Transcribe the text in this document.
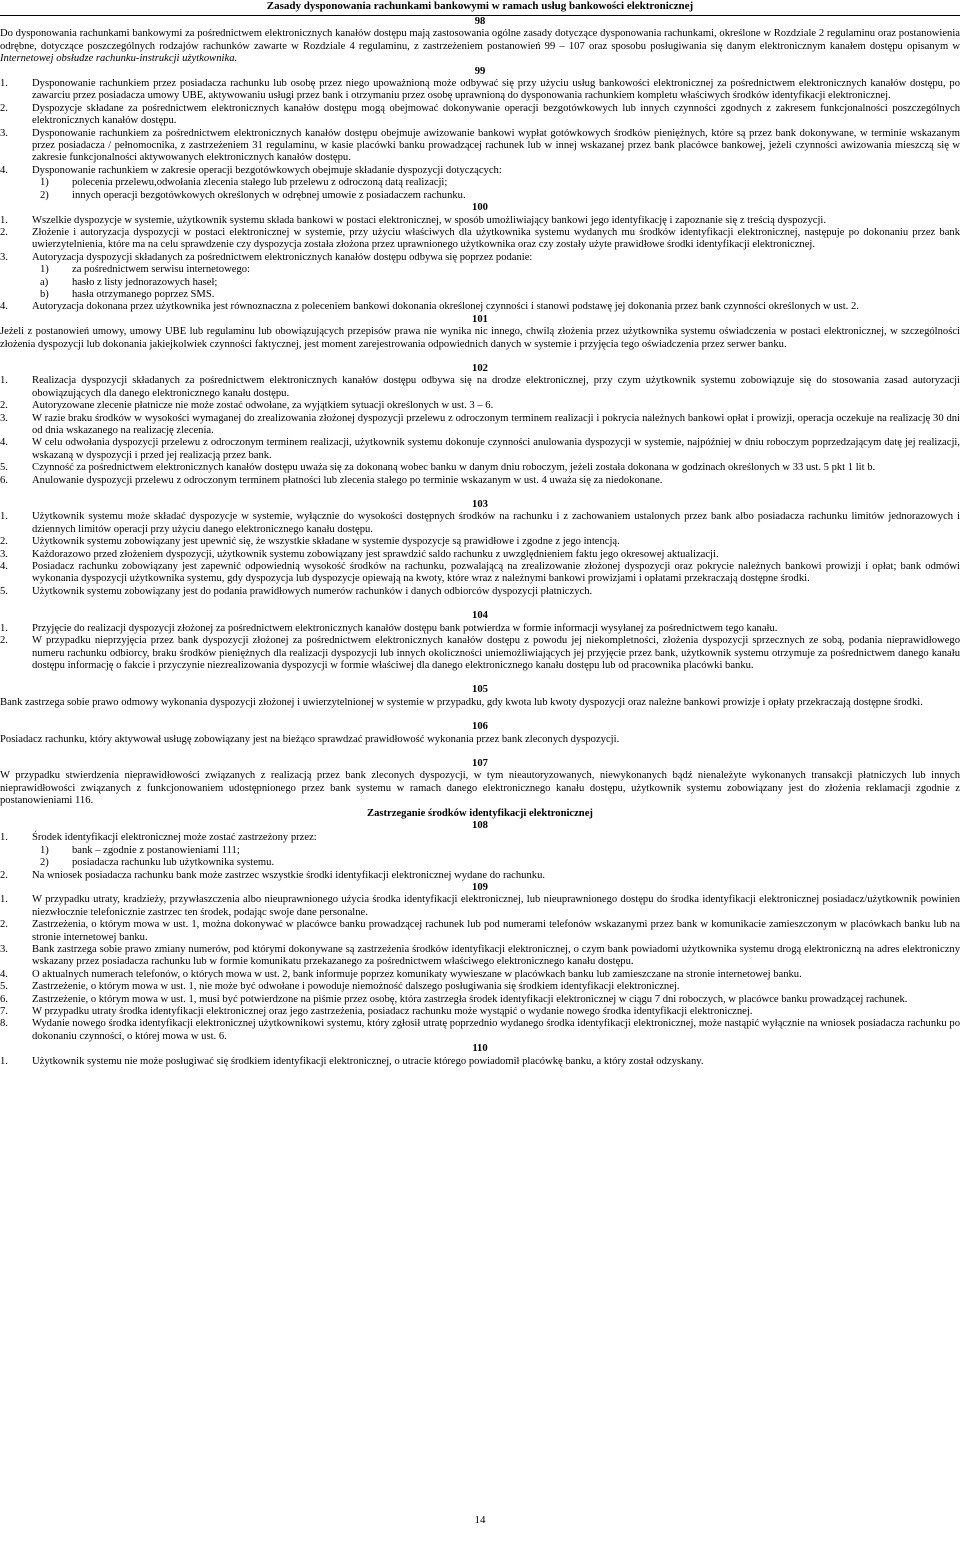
Zasady dysponowania rachunkami bankowymi w ramach usług bankowości elektronicznej
98

Do dysponowania rachunkami bankowymi za pośrednictwem elektronicznych kanałów dostępu mają zastosowania ogólne zasady dotyczące dysponowania rachunkami, określone w Rozdziale 2 regulaminu oraz postanowienia odrębne, dotyczące poszczególnych rodzajów rachunków zawarte w Rozdziale 4 regulaminu, z zastrzeżeniem postanowień 99 – 107 oraz sposobu posługiwania się danym elektronicznym kanałem dostępu opisanym w Internetowej obsłudze rachunku-instrukcji użytkownika.

99
1.	Dysponowanie rachunkiem przez posiadacza rachunku lub osobę przez niego upoważnioną może odbywać się przy użyciu usług bankowości elektronicznej za pośrednictwem elektronicznych kanałów dostępu, po zawarciu przez posiadacza umowy UBE, aktywowaniu usługi przez bank i otrzymaniu przez osobę uprawnioną do dysponowania rachunkiem kompletu właściwych środków identyfikacji elektronicznej.
2.	Dyspozycje składane za pośrednictwem elektronicznych kanałów dostępu mogą obejmować dokonywanie operacji bezgotówkowych lub innych czynności zgodnych z zakresem funkcjonalności poszczególnych elektronicznych kanałów dostępu.
3.	Dysponowanie rachunkiem za pośrednictwem elektronicznych kanałów dostępu obejmuje awizowanie bankowi wypłat gotówkowych środków pieniężnych, które są przez bank dokonywane, w terminie wskazanym przez posiadacza / pełnomocnika, z zastrzeżeniem 31 regulaminu, w kasie placówki banku prowadzącej rachunek lub w innej wskazanej przez bank placówce bankowej, jeżeli czynności awizowania mieszczą się w zakresie funkcjonalności aktywowanych elektronicznych kanałów dostępu.
4.	Dysponowanie rachunkiem w zakresie operacji bezgotówkowych obejmuje składanie dyspozycji dotyczących:
1)	polecenia przelewu,odwołania zlecenia stałego lub przelewu z odroczoną datą realizacji;
2)	innych operacji bezgotówkowych określonych w odrębnej umowie z posiadaczem rachunku.
100
1.	Wszelkie dyspozycje w systemie, użytkownik systemu składa bankowi w postaci elektronicznej, w sposób umożliwiający bankowi jego identyfikację i zapoznanie się z treścią dyspozycji.
2.	Złożenie i autoryzacja dyspozycji w postaci elektronicznej w systemie, przy użyciu właściwych dla użytkownika systemu wydanych mu środków identyfikacji elektronicznej, następuje po dokonaniu przez bank uwierzytelnienia, które ma na celu sprawdzenie czy dyspozycja została złożona przez uprawnionego użytkownika oraz czy zostały użyte prawidłowe środki identyfikacji elektronicznej.
3.	Autoryzacja dyspozycji składanych za pośrednictwem elektronicznych kanałów dostępu odbywa się poprzez podanie:
1)	za pośrednictwem serwisu internetowego:
a)	hasło z listy jednorazowych haseł;
b)	hasła otrzymanego poprzez SMS.
4.	Autoryzacja dokonana przez użytkownika jest równoznaczna z poleceniem bankowi dokonania określonej czynności i stanowi podstawę jej dokonania przez bank czynności określonych w ust. 2.
101

Jeżeli z postanowień umowy, umowy UBE lub regulaminu lub obowiązujących przepisów prawa nie wynika nic innego, chwilą złożenia przez użytkownika systemu oświadczenia w postaci elektronicznej, w szczególności złożenia dyspozycji lub dokonania jakiejkolwiek czynności faktycznej, jest moment zarejestrowania odpowiednich danych w systemie i przyjęcia tego oświadczenia przez serwer banku.

102
1.	Realizacja dyspozycji składanych za pośrednictwem elektronicznych kanałów dostępu odbywa się na drodze elektronicznej, przy czym użytkownik systemu zobowiązuje się do stosowania zasad autoryzacji obowiązujących dla danego elektronicznego kanału dostępu.
2.	Autoryzowane zlecenie płatnicze nie może zostać odwołane, za wyjątkiem sytuacji określonych w ust. 3 – 6.
3.	W razie braku środków w wysokości wymaganej do zrealizowania złożonej dyspozycji przelewu z odroczonym terminem realizacji i pokrycia należnych bankowi opłat i prowizji, operacja oczekuje na realizację 30 dni od dnia wskazanego na realizację zlecenia.
4.	W celu odwołania dyspozycji przelewu z odroczonym terminem realizacji, użytkownik systemu dokonuje czynności anulowania dyspozycji w systemie, najpóźniej w dniu roboczym poprzedzającym datę jej realizacji, wskazaną w dyspozycji i przed jej realizacją przez bank.
5.	Czynność za pośrednictwem elektronicznych kanałów dostępu uważa się za dokonaną wobec banku w danym dniu roboczym, jeżeli została dokonana w godzinach określonych w 33 ust. 5 pkt 1 lit b.
6.	Anulowanie dyspozycji przelewu z odroczonym terminem płatności lub zlecenia stałego po terminie wskazanym w ust. 4 uważa się za niedokonane.
103
1.	Użytkownik systemu może składać dyspozycje w systemie, wyłącznie do wysokości dostępnych środków na rachunku i z zachowaniem ustalonych przez bank albo posiadacza rachunku limitów jednorazowych i dziennych limitów operacji przy użyciu danego elektronicznego kanału dostępu.
2.	Użytkownik systemu zobowiązany jest upewnić się, że wszystkie składane w systemie dyspozycje są prawidłowe i zgodne z jego intencją.
3.	Każdorazowo przed złożeniem dyspozycji, użytkownik systemu zobowiązany jest sprawdzić saldo rachunku z uwzględnieniem faktu jego okresowej aktualizacji.
4.	Posiadacz rachunku zobowiązany jest zapewnić odpowiednią wysokość środków na rachunku, pozwalającą na zrealizowanie złożonej dyspozycji oraz pokrycie należnych bankowi prowizji i opłat; bank odmówi wykonania dyspozycji użytkownika systemu, gdy dyspozycja lub dyspozycje opiewają na kwoty, które wraz z należnymi bankowi prowizjami i opłatami przekraczają dostępne środki.
5.	Użytkownik systemu zobowiązany jest do podania prawidłowych numerów rachunków i danych odbiorców dyspozycji płatniczych.
104
1.	Przyjęcie do realizacji dyspozycji złożonej za pośrednictwem elektronicznych kanałów dostępu bank potwierdza w formie informacji wysyłanej za pośrednictwem tego kanału.
2.	W przypadku nieprzyjęcia przez bank dyspozycji złożonej za pośrednictwem elektronicznych kanałów dostępu z powodu jej niekompletności, złożenia dyspozycji sprzecznych ze sobą, podania nieprawidłowego numeru rachunku odbiorcy, braku środków pieniężnych dla realizacji dyspozycji lub innych okoliczności uniemożliwiających jej przyjęcie przez bank, użytkownik systemu otrzymuje za pośrednictwem danego kanału dostępu informację o fakcie i przyczynie niezrealizowania dyspozycji w formie właściwej dla danego elektronicznego kanału dostępu lub od pracownika placówki banku.
105

Bank zastrzega sobie prawo odmowy wykonania dyspozycji złożonej i uwierzytelnionej w systemie w przypadku, gdy kwota lub kwoty dyspozycji oraz należne bankowi prowizje i opłaty przekraczają dostępne środki.

106

Posiadacz rachunku, który aktywował usługę zobowiązany jest na bieżąco sprawdzać prawidłowość wykonania przez bank zleconych dyspozycji.

107

W przypadku stwierdzenia nieprawidłowości związanych z realizacją przez bank zleconych dyspozycji, w tym nieautoryzowanych, niewykonanych bądź nienależyte wykonanych transakcji płatniczych lub innych nieprawidłowości związanych z funkcjonowaniem udostępnionego przez bank systemu w ramach danego elektronicznego kanału dostępu, użytkownik systemu zobowiązany jest do złożenia reklamacji zgodnie z postanowieniami 116.

Zastrzeganie środków identyfikacji elektronicznej
108
1.	Środek identyfikacji elektronicznej może zostać zastrzeżony przez:
1)	bank – zgodnie z postanowieniami 111;
2)	posiadacza rachunku lub użytkownika systemu.
2.	Na wniosek posiadacza rachunku bank może zastrzec wszystkie środki identyfikacji elektronicznej wydane do rachunku.
109
1.	W przypadku utraty, kradzieży, przywłaszczenia albo nieuprawnionego użycia środka identyfikacji elektronicznej, lub nieuprawnionego dostępu do środka identyfikacji elektronicznej posiadacz/użytkownik powinien niezwłocznie telefonicznie zastrzec ten środek, podając swoje dane personalne.
2.	Zastrzeżenia, o którym mowa w ust. 1, można dokonywać w placówce banku prowadzącej rachunek lub pod numerami telefonów wskazanymi przez bank w komunikacie zamieszczonym w placówkach banku lub na stronie internetowej banku.
3.	Bank zastrzega sobie prawo zmiany numerów, pod którymi dokonywane są zastrzeżenia środków identyfikacji elektronicznej, o czym bank powiadomi użytkownika systemu drogą elektroniczną na adres elektroniczny wskazany przez posiadacza rachunku lub w formie komunikatu przekazanego za pośrednictwem właściwego elektronicznego kanału dostępu.
4.	O aktualnych numerach telefonów, o których mowa w ust. 2, bank informuje poprzez komunikaty wywieszane w placówkach banku lub zamieszczane na stronie internetowej banku.
5.	Zastrzeżenie, o którym mowa w ust. 1, nie może być odwołane i powoduje niemożność dalszego posługiwania się środkiem identyfikacji elektronicznej.
6.	Zastrzeżenie, o którym mowa w ust. 1, musi być potwierdzone na piśmie przez osobę, która zastrzegła środek identyfikacji elektronicznej w ciągu 7 dni roboczych, w placówce banku prowadzącej rachunek.
7.	W przypadku utraty środka identyfikacji elektronicznej oraz jego zastrzeżenia, posiadacz rachunku może wystąpić o wydanie nowego środka identyfikacji elektronicznej.
8.	Wydanie nowego środka identyfikacji elektronicznej użytkownikowi systemu, który zgłosił utratę poprzednio wydanego środka identyfikacji elektronicznej, może nastąpić wyłącznie na wniosek posiadacza rachunku po dokonaniu czynności, o której mowa w ust. 6.
110
1.	Użytkownik systemu nie może posługiwać się środkiem identyfikacji elektronicznej, o utracie którego powiadomił placówkę banku, a który został odzyskany.
14
